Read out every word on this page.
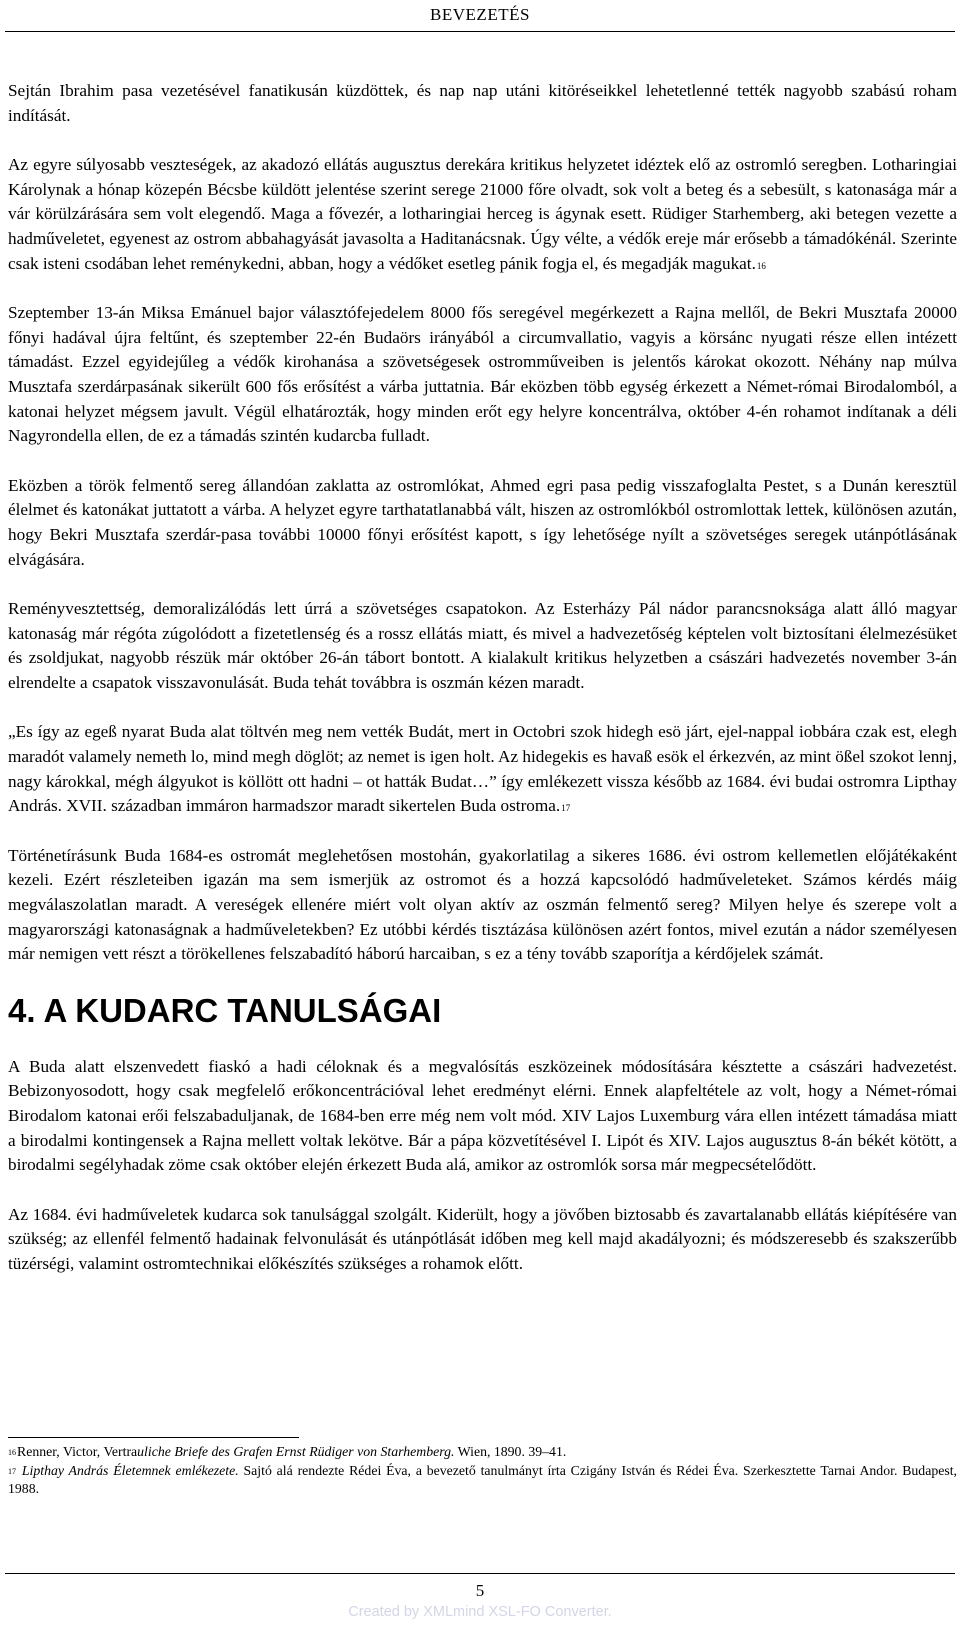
BEVEZETÉS

Sejtán Ibrahim pasa vezetésével fanatikusán küzdöttek, és nap nap utáni kitöréseikkel lehetetlenné tették nagyobb szabású roham indítását.

Az egyre súlyosabb veszteségek, az akadozó ellátás augusztus derekára kritikus helyzetet idéztek elő az ostromló seregben. Lotharingiai Károlynak a hónap közepén Bécsbe küldött jelentése szerint serege 21000 főre olvadt, sok volt a beteg és a sebesült, s katonasága már a vár körülzárására sem volt elegendő. Maga a fővezér, a lotharingiai herceg is ágynak esett. Rüdiger Starhemberg, aki betegen vezette a hadműveletet, egyenest az ostrom abbahagyását javasolta a Haditanácsnak. Úgy vélte, a védők ereje már erősebb a támadókénál. Szerinte csak isteni csodában lehet reménykedni, abban, hogy a védőket esetleg pánik fogja el, és megadják magukat.$^{16}$

Szeptember 13-án Miksa Emánuel bajor választófejedelem 8000 fős seregével megérkezett a Rajna mellől, de Bekri Musztafa 20000 főnyi hadával újra feltűnt, és szeptember 22-én Budaörs irányából a circumvallatio, vagyis a körsánc nyugati része ellen intézett támadást. Ezzel egyidejűleg a védők kirohanása a szövetségesek ostromműveiben is jelentős károkat okozott. Néhány nap múlva Musztafa szerdárpasának sikerült 600 fős erősítést a várba juttatnia. Bár eközben több egység érkezett a Német-római Birodalomból, a katonai helyzet mégsem javult. Végül elhatározták, hogy minden erőt egy helyre koncentrálva, október 4-én rohamot indítanak a déli Nagyrondella ellen, de ez a támadás szintén kudarcba fulladt.

Eközben a török felmentő sereg állandóan zaklatta az ostromlókat, Ahmed egri pasa pedig visszafoglalta Pestet, s a Dunán keresztül élelmet és katonákat juttatott a várba. A helyzet egyre tarthatatlanabbá vált, hiszen az ostromlókból ostromlottak lettek, különösen azután, hogy Bekri Musztafa szerdár-pasa további 10000 főnyi erősítést kapott, s így lehetősége nyílt a szövetséges seregek utánpótlásának elvágására.

Reményvesztettség, demoralizálódás lett úrrá a szövetséges csapatokon. Az Esterházy Pál nádor parancsnoksága alatt álló magyar katonaság már régóta zúgolódott a fizetetlenség és a rossz ellátás miatt, és mivel a hadvezetőség képtelen volt biztosítani élelmezésüket és zsoldjukat, nagyobb részük már október 26-án tábort bontott. A kialakult kritikus helyzetben a császári hadvezetés november 3-án elrendelte a csapatok visszavonulását. Buda tehát továbbra is oszmán kézen maradt.

„Es így az egeß nyarat Buda alat töltvén meg nem vették Budát, mert in Octobri szok hidegh esö járt, ejel-nappal iobbára czak est, elegh maradót valamely nemeth lo, mind megh döglöt; az nemet is igen holt. Az hidegekis es havaß esök el érkezvén, az mint ößel szokot lennj, nagy károkkal, mégh álgyukot is köllött ott hadni – ot hatták Budat…” így emlékezett vissza később az 1684. évi budai ostromra Lipthay András. XVII. században immáron harmadszor maradt sikertelen Buda ostroma.$^{17}$

Történetírásunk Buda 1684-es ostromát meglehetősen mostohán, gyakorlatilag a sikeres 1686. évi ostrom kellemetlen előjátékaként kezeli. Ezért részleteiben igazán ma sem ismerjük az ostromot és a hozzá kapcsolódó hadműveleteket. Számos kérdés máig megválaszolatlan maradt. A vereségek ellenére miért volt olyan aktív az oszmán felmentő sereg? Milyen helye és szerepe volt a magyarországi katonaságnak a hadműveletekben? Ez utóbbi kérdés tisztázása különösen azért fontos, mivel ezután a nádor személyesen már nemigen vett részt a törökellenes felszabadító háború harcaiban, s ez a tény tovább szaporítja a kérdőjelek számát.

4. A KUDARC TANULSÁGAI

A Buda alatt elszenvedett fiaskó a hadi céloknak és a megvalósítás eszközeinek módosítására késztette a császári hadvezetést. Bebizonyosodott, hogy csak megfelelő erőkoncentrációval lehet eredményt elérni. Ennek alapfeltétele az volt, hogy a Német-római Birodalom katonai erői felszabaduljanak, de 1684-ben erre még nem volt mód. XIV Lajos Luxemburg vára ellen intézett támadása miatt a birodalmi kontingensek a Rajna mellett voltak lekötve. Bár a pápa közvetítésével I. Lipót és XIV. Lajos augusztus 8-án békét kötött, a birodalmi segélyhadak zöme csak október elején érkezett Buda alá, amikor az ostromlók sorsa már megpecsételődött.

Az 1684. évi hadműveletek kudarca sok tanulsággal szolgált. Kiderült, hogy a jövőben biztosabb és zavartalanabb ellátás kiépítésére van szükség; az ellenfél felmentő hadainak felvonulását és utánpótlását időben meg kell majd akadályozni; és módszeresebb és szakszerűbb tüzérségi, valamint ostromtechnikai előkészítés szükséges a rohamok előtt.

$^{16}$Renner, Victor, Vertrauliche Briefe des Grafen Ernst Rüdiger von Starhemberg. Wien, 1890. 39–41.

$^{17}$ Lipthay András Életemnek emlékezete. Sajtó alá rendezte Rédei Éva, a bevezető tanulmányt írta Czigány István és Rédei Éva. Szerkesztette Tarnai Andor. Budapest, 1988.

5
Created by XMLmind XSL-FO Converter.
